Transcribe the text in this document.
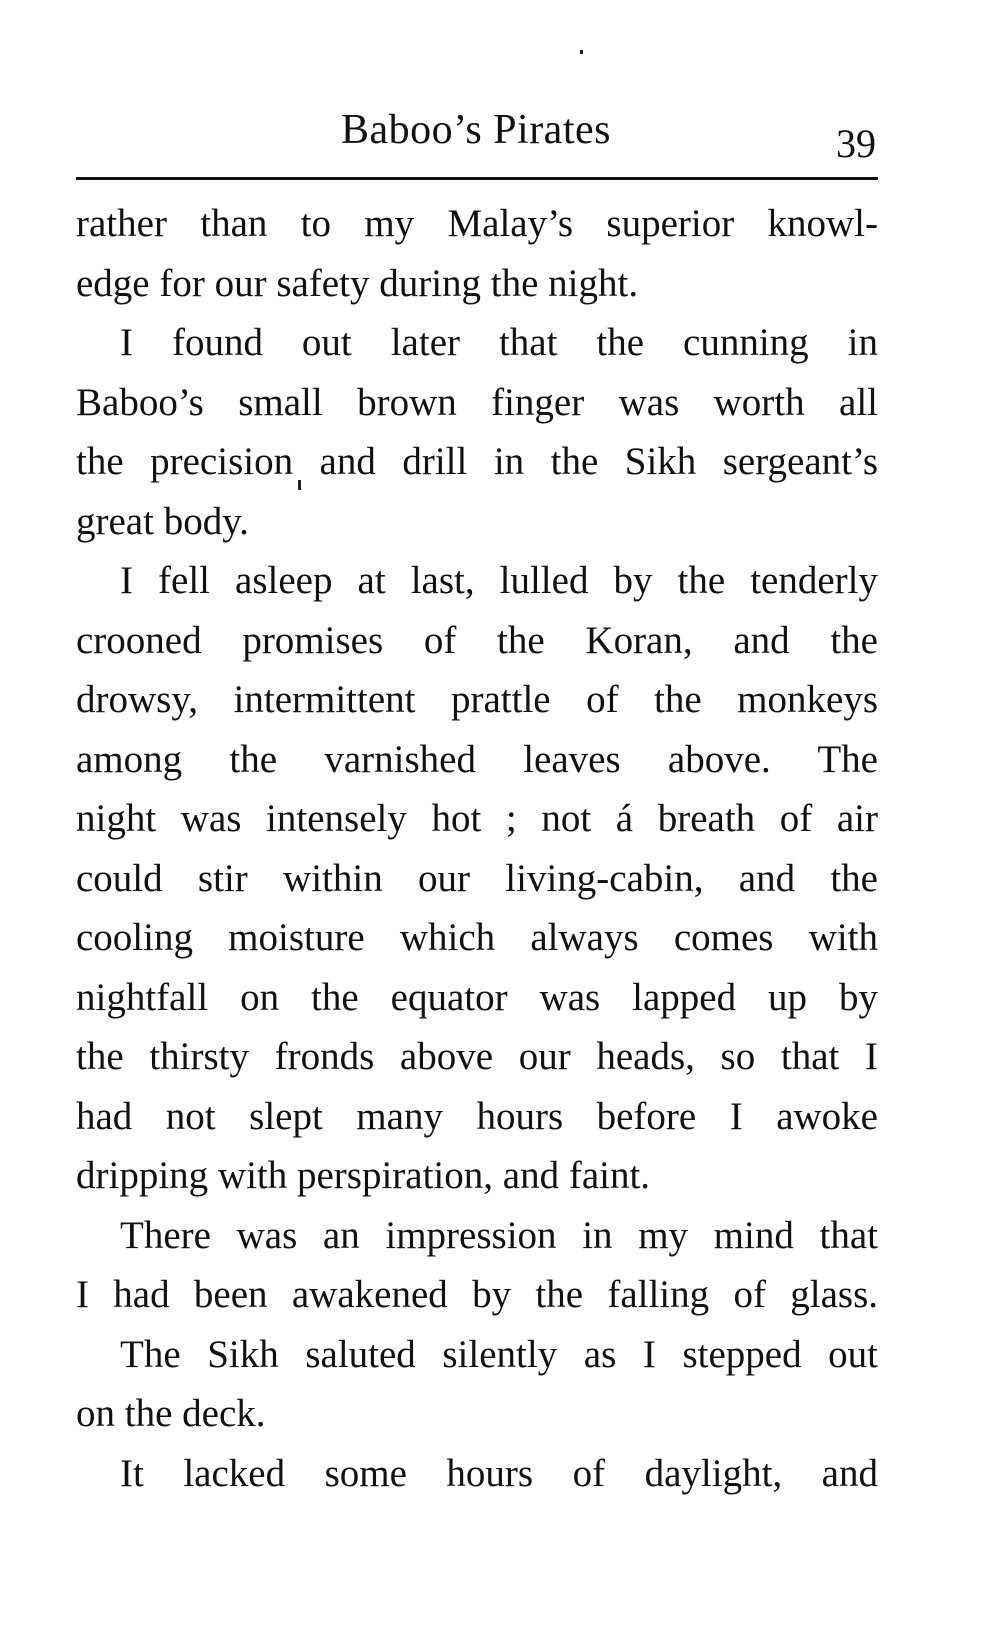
Baboo’s Pirates	39
rather than to my Malay’s superior knowl-
edge for our safety during the night.
I found out later that the cunning in
Baboo’s small brown finger was worth all
the precision and drill in the Sikh sergeant’s
great body.
I fell asleep at last, lulled by the tenderly
crooned promises of the Koran, and the
drowsy, intermittent prattle of the monkeys
among the varnished leaves above. The
night was intensely hot ; not á breath of air
could stir within our living-cabin, and the
cooling moisture which always comes with
nightfall on the equator was lapped up by
the thirsty fronds above our heads, so that I
had not slept many hours before I awoke
dripping with perspiration, and faint.
There was an impression in my mind that
I had been awakened by the falling of glass.
The Sikh saluted silently as I stepped out
on the deck.
It lacked some hours of daylight, and
